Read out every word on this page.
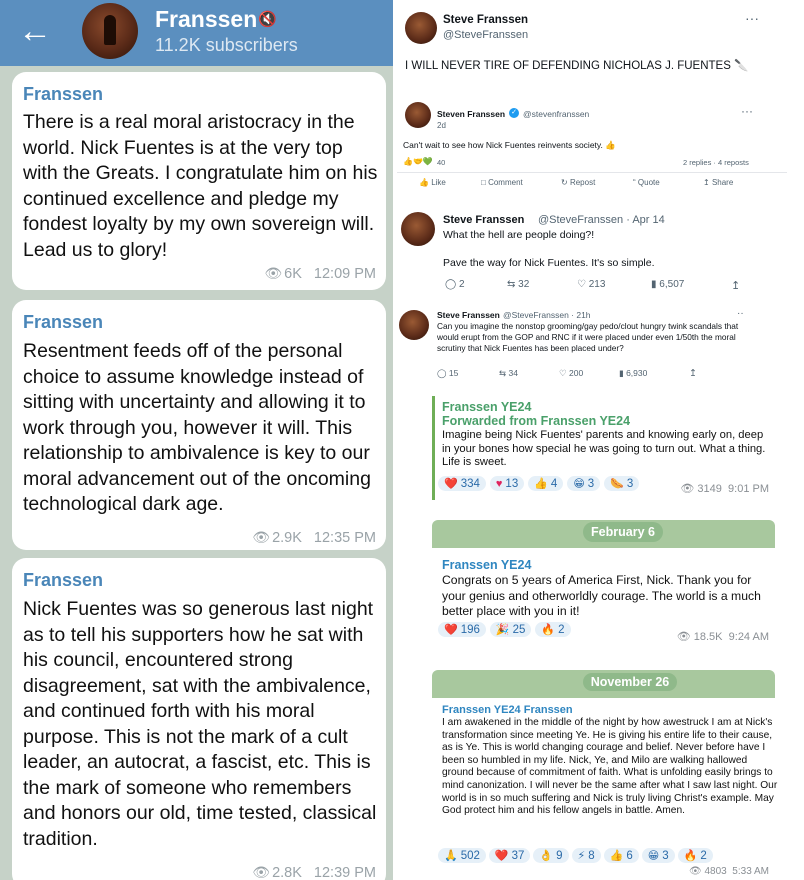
←	Franssen 🔇
11.2K subscribers
Franssen
There is a real moral aristocracy in the world. Nick Fuentes is at the very top with the Greats. I congratulate him on his continued excellence and pledge my fondest loyalty by my own sovereign will. Lead us to glory!
👁 6K 12:09 PM
Franssen
Resentment feeds off of the personal choice to assume knowledge instead of sitting with uncertainty and allowing it to work through you, however it will. This relationship to ambivalence is key to our moral advancement out of the oncoming technological dark age.
👁 2.9K 12:35 PM
Franssen
Nick Fuentes was so generous last night as to tell his supporters how he sat with his council, encountered strong disagreement, sat with the ambivalence, and continued forth with his moral purpose. This is not the mark of a cult leader, an autocrat, a fascist, etc. This is the mark of someone who remembers and honors our old, time tested, classical tradition.
👁 2.8K 12:39 PM
Steve Franssen
@SteveFranssen
···
I WILL NEVER TIRE OF DEFENDING NICHOLAS J. FUENTES 🔪
Steven Franssen ✓ @stevenfranssen
2d
···
Can't wait to see how Nick Fuentes reinvents society. 👍
👍🤝💚 40	2 replies · 4 reposts
👍 Like	□ Comment	↻ Repost	“ Quote	↥ Share
Steve Franssen @SteveFranssen · Apr 14
What the hell are people doing?!
Pave the way for Nick Fuentes. It's so simple.
◯ 2	⇆ 32	♡ 213	▮ 6,507	↥
Steve Franssen @SteveFranssen · 21h	··
Can you imagine the nonstop grooming/gay pedo/clout hungry twink scandals that would erupt from the GOP and RNC if it were placed under even 1/50th the moral scrutiny that Nick Fuentes has been placed under?
◯ 15	⇆ 34	♡ 200	▮ 6,930	↥
Franssen YE24
Forwarded from Franssen YE24
Imagine being Nick Fuentes' parents and knowing early on, deep in your bones how special he was going to turn out. What a thing. Life is sweet.
❤️ 334 ♥ 13 👍 4 😁 3 🌭 3	👁 3149 9:01 PM
February 6
Franssen YE24
Congrats on 5 years of America First, Nick. Thank you for your genius and otherworldly courage. The world is a much better place with you in it!
❤️ 196 🎉 25 🔥 2
👁 18.5K 9:24 AM
November 26
Franssen YE24 Franssen
I am awakened in the middle of the night by how awestruck I am at Nick's transformation since meeting Ye. He is giving his entire life to their cause, as is Ye. This is world changing courage and belief. Never before have I been so humbled in my life. Nick, Ye, and Milo are walking hallowed ground because of commitment of faith. What is unfolding easily brings to mind canonization. I will never be the same after what I saw last night. Our world is in so much suffering and Nick is truly living Christ's example. May God protect him and his fellow angels in battle. Amen.
🙏 502 ❤️ 37 👌 9 ⚡ 8 👍 6 😁 3 🔥 2
👁 4803 5:33 AM
